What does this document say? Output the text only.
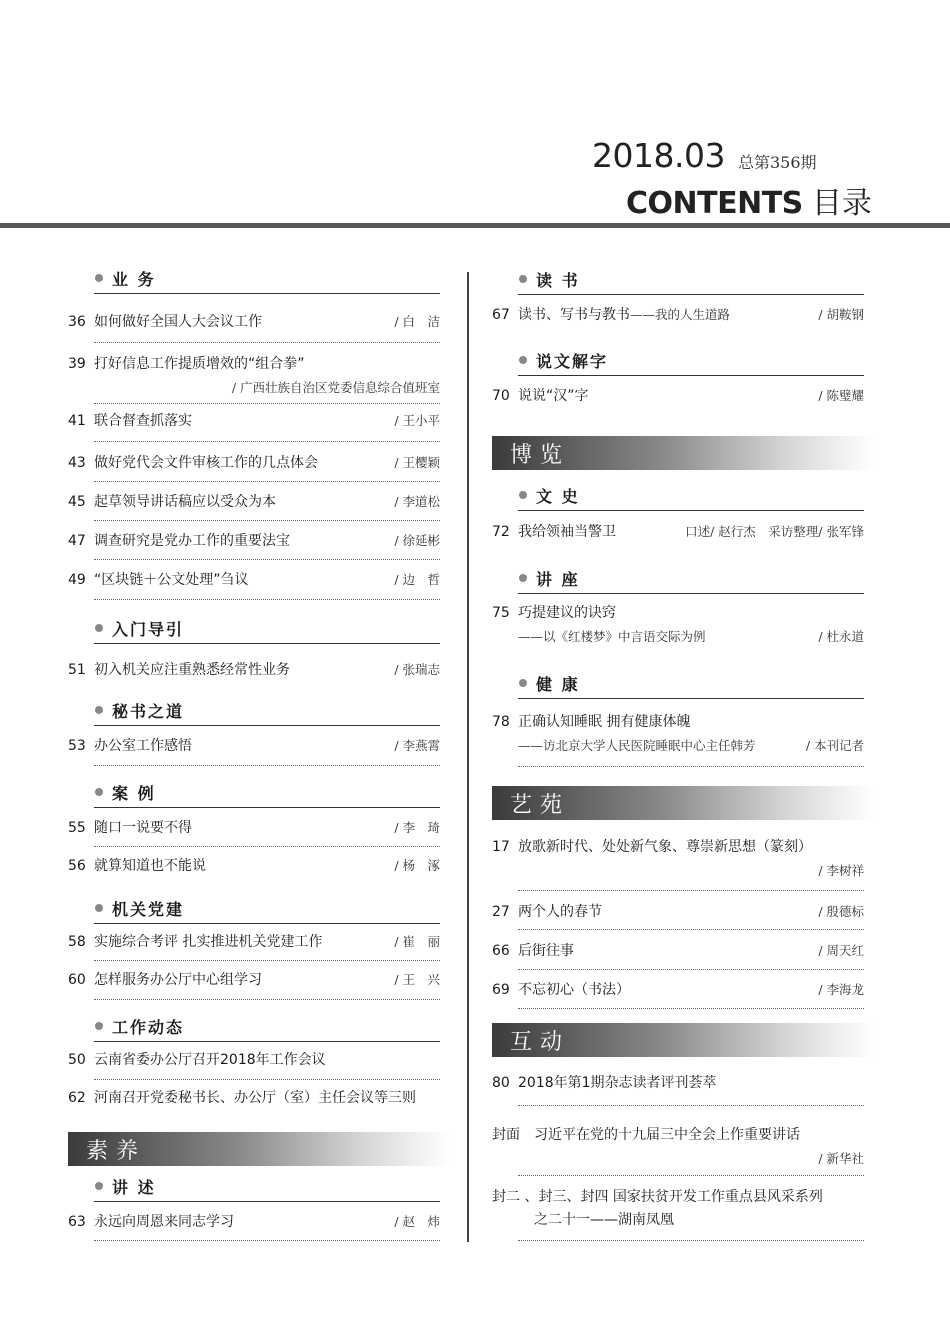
2018.03 总第356期
CONTENTS 目录
业 务
36 如何做好全国人大会议工作	/ 白　洁
39 打好信息工作提质增效的“组合拳”
/ 广西壮族自治区党委信息综合值班室
41 联合督查抓落实	/ 王小平
43 做好党代会文件审核工作的几点体会	/ 王樱颖
45 起草领导讲话稿应以受众为本	/ 李道松
47 调查研究是党办工作的重要法宝	/ 徐延彬
49 “区块链＋公文处理”刍议	/ 边　哲
入门导引
51 初入机关应注重熟悉经常性业务	/ 张瑞志
秘书之道
53 办公室工作感悟	/ 李燕霄
案 例
55 随口一说要不得	/ 李　琦
56 就算知道也不能说	/ 杨　涿
机关党建
58 实施综合考评 扎实推进机关党建工作	/ 崔　丽
60 怎样服务办公厅中心组学习	/ 王　兴
工作动态
50 云南省委办公厅召开2018年工作会议
62 河南召开党委秘书长、办公厅（室）主任会议等三则
素养
讲 述
63 永远向周恩来同志学习	/ 赵　炜
读 书
67 读书、写书与教书——我的人生道路	/ 胡鞍钢
说文解字
70 说说“汉”字	/ 陈璧耀
博览
文 史
72 我给领袖当警卫	口述/ 赵行杰　采访整理/ 张军锋
讲 座
75 巧提建议的诀窍
——以《红楼梦》中言语交际为例	/ 杜永道
健 康
78 正确认知睡眠 拥有健康体魄
——访北京大学人民医院睡眠中心主任韩芳	/ 本刊记者
艺苑
17 放歌新时代、处处新气象、尊崇新思想（篆刻）
/ 李树祥
27 两个人的春节	/ 殷德标
66 后街往事	/ 周天红
69 不忘初心（书法）	/ 李海龙
互动
80 2018年第1期杂志读者评刊荟萃
封面 习近平在党的十九届三中全会上作重要讲话
/ 新华社
封二 、封三、封四 国家扶贫开发工作重点县风采系列
之二十一——湖南凤凰
